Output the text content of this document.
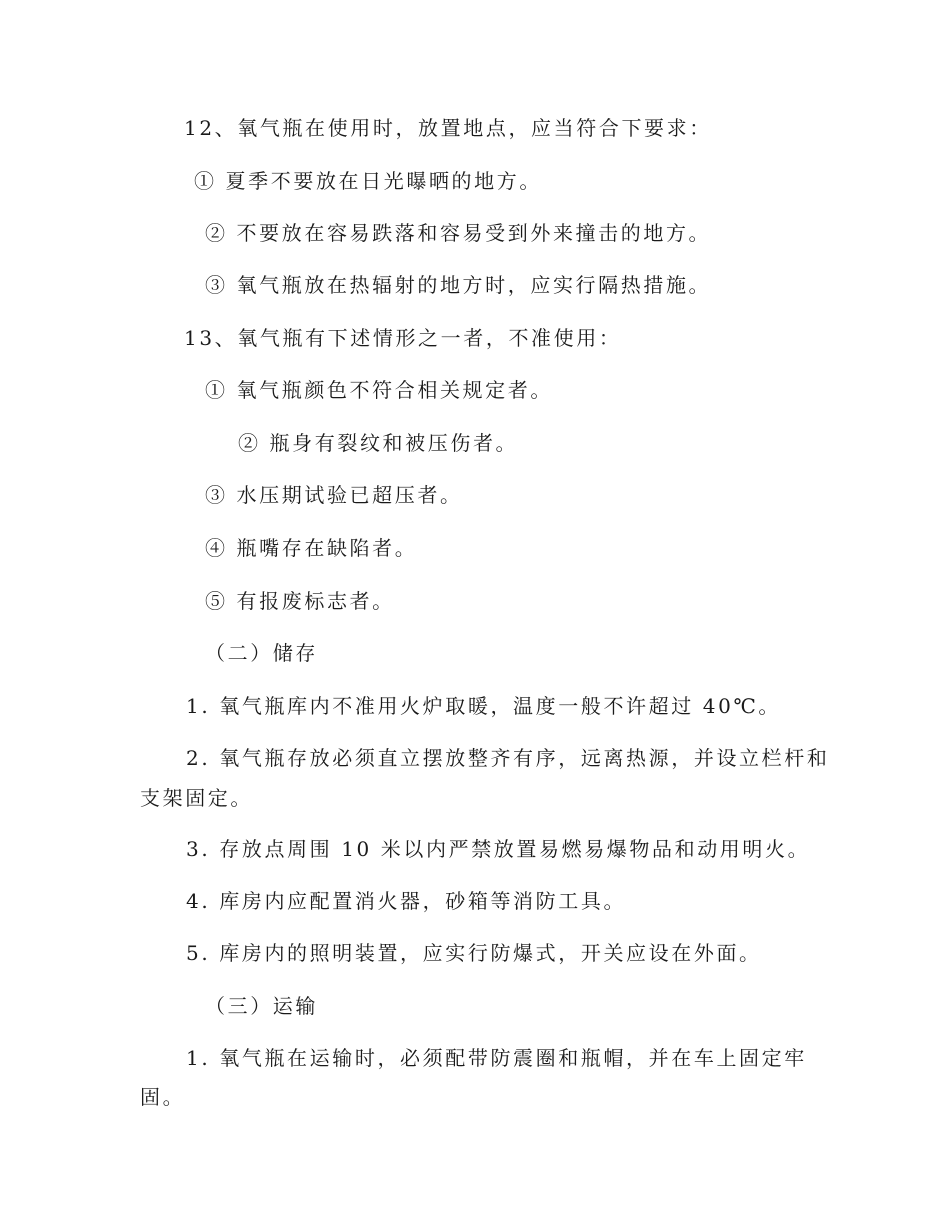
12、氧气瓶在使用时，放置地点，应当符合下要求：
① 夏季不要放在日光曝晒的地方。
② 不要放在容易跌落和容易受到外来撞击的地方。
③ 氧气瓶放在热辐射的地方时，应实行隔热措施。
13、氧气瓶有下述情形之一者，不准使用：
① 氧气瓶颜色不符合相关规定者。
② 瓶身有裂纹和被压伤者。
③ 水压期试验已超压者。
④ 瓶嘴存在缺陷者。
⑤ 有报废标志者。
（二）储存
1. 氧气瓶库内不准用火炉取暖，温度一般不许超过 40℃。
2. 氧气瓶存放必须直立摆放整齐有序，远离热源，并设立栏杆和
支架固定。
3. 存放点周围 10 米以内严禁放置易燃易爆物品和动用明火。
4. 库房内应配置消火器，砂箱等消防工具。
5. 库房内的照明装置，应实行防爆式，开关应设在外面。
（三）运输
1. 氧气瓶在运输时，必须配带防震圈和瓶帽，并在车上固定牢
固。
